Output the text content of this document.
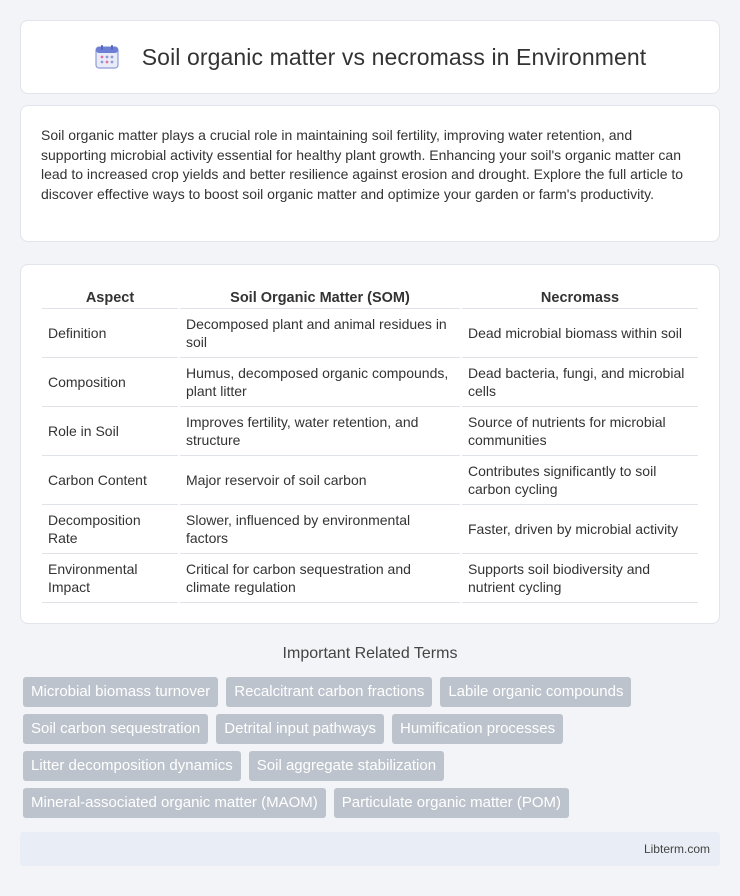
Soil organic matter vs necromass in Environment

Soil organic matter plays a crucial role in maintaining soil fertility, improving water retention, and supporting microbial activity essential for healthy plant growth. Enhancing your soil's organic matter can lead to increased crop yields and better resilience against erosion and drought. Explore the full article to discover effective ways to boost soil organic matter and optimize your garden or farm's productivity.

Aspect	Soil Organic Matter (SOM)	Necromass
Definition	Decomposed plant and animal residues in soil	Dead microbial biomass within soil
Composition	Humus, decomposed organic compounds, plant litter	Dead bacteria, fungi, and microbial cells
Role in Soil	Improves fertility, water retention, and structure	Source of nutrients for microbial communities
Carbon Content	Major reservoir of soil carbon	Contributes significantly to soil carbon cycling
Decomposition Rate	Slower, influenced by environmental factors	Faster, driven by microbial activity
Environmental Impact	Critical for carbon sequestration and climate regulation	Supports soil biodiversity and nutrient cycling
Important Related Terms
Microbial biomass turnover	Recalcitrant carbon fractions	Labile organic compounds
Soil carbon sequestration	Detrital input pathways	Humification processes
Litter decomposition dynamics	Soil aggregate stabilization
Mineral-associated organic matter (MAOM)	Particulate organic matter (POM)
Libterm.com
